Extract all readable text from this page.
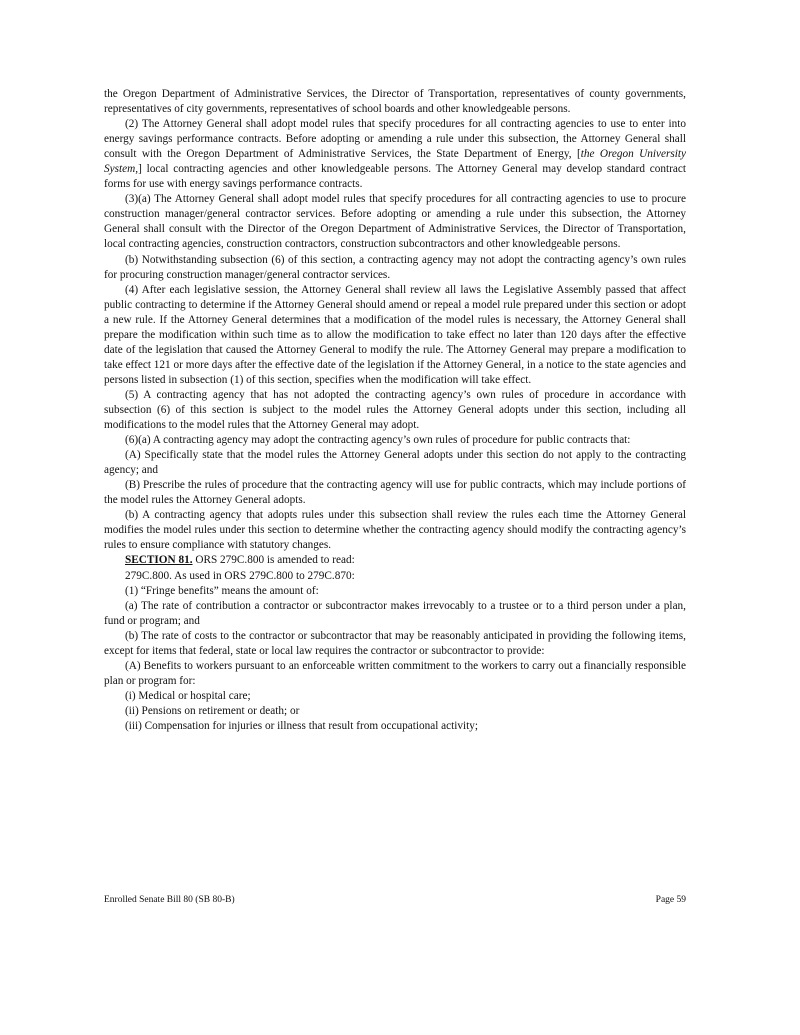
the Oregon Department of Administrative Services, the Director of Transportation, representatives of county governments, representatives of city governments, representatives of school boards and other knowledgeable persons.

(2) The Attorney General shall adopt model rules that specify procedures for all contracting agencies to use to enter into energy savings performance contracts. Before adopting or amending a rule under this subsection, the Attorney General shall consult with the Oregon Department of Administrative Services, the State Department of Energy, [the Oregon University System,] local contracting agencies and other knowledgeable persons. The Attorney General may develop standard contract forms for use with energy savings performance contracts.

(3)(a) The Attorney General shall adopt model rules that specify procedures for all contracting agencies to use to procure construction manager/general contractor services. Before adopting or amending a rule under this subsection, the Attorney General shall consult with the Director of the Oregon Department of Administrative Services, the Director of Transportation, local contracting agencies, construction contractors, construction subcontractors and other knowledgeable persons.

(b) Notwithstanding subsection (6) of this section, a contracting agency may not adopt the contracting agency’s own rules for procuring construction manager/general contractor services.

(4) After each legislative session, the Attorney General shall review all laws the Legislative Assembly passed that affect public contracting to determine if the Attorney General should amend or repeal a model rule prepared under this section or adopt a new rule. If the Attorney General determines that a modification of the model rules is necessary, the Attorney General shall prepare the modification within such time as to allow the modification to take effect no later than 120 days after the effective date of the legislation that caused the Attorney General to modify the rule. The Attorney General may prepare a modification to take effect 121 or more days after the effective date of the legislation if the Attorney General, in a notice to the state agencies and persons listed in subsection (1) of this section, specifies when the modification will take effect.

(5) A contracting agency that has not adopted the contracting agency’s own rules of procedure in accordance with subsection (6) of this section is subject to the model rules the Attorney General adopts under this section, including all modifications to the model rules that the Attorney General may adopt.

(6)(a) A contracting agency may adopt the contracting agency’s own rules of procedure for public contracts that:

(A) Specifically state that the model rules the Attorney General adopts under this section do not apply to the contracting agency; and

(B) Prescribe the rules of procedure that the contracting agency will use for public contracts, which may include portions of the model rules the Attorney General adopts.

(b) A contracting agency that adopts rules under this subsection shall review the rules each time the Attorney General modifies the model rules under this section to determine whether the contracting agency should modify the contracting agency’s rules to ensure compliance with statutory changes.

SECTION 81. ORS 279C.800 is amended to read:

279C.800. As used in ORS 279C.800 to 279C.870:

(1) “Fringe benefits” means the amount of:

(a) The rate of contribution a contractor or subcontractor makes irrevocably to a trustee or to a third person under a plan, fund or program; and

(b) The rate of costs to the contractor or subcontractor that may be reasonably anticipated in providing the following items, except for items that federal, state or local law requires the contractor or subcontractor to provide:

(A) Benefits to workers pursuant to an enforceable written commitment to the workers to carry out a financially responsible plan or program for:

(i) Medical or hospital care;

(ii) Pensions on retirement or death; or

(iii) Compensation for injuries or illness that result from occupational activity;

Enrolled Senate Bill 80 (SB 80-B)	Page 59
